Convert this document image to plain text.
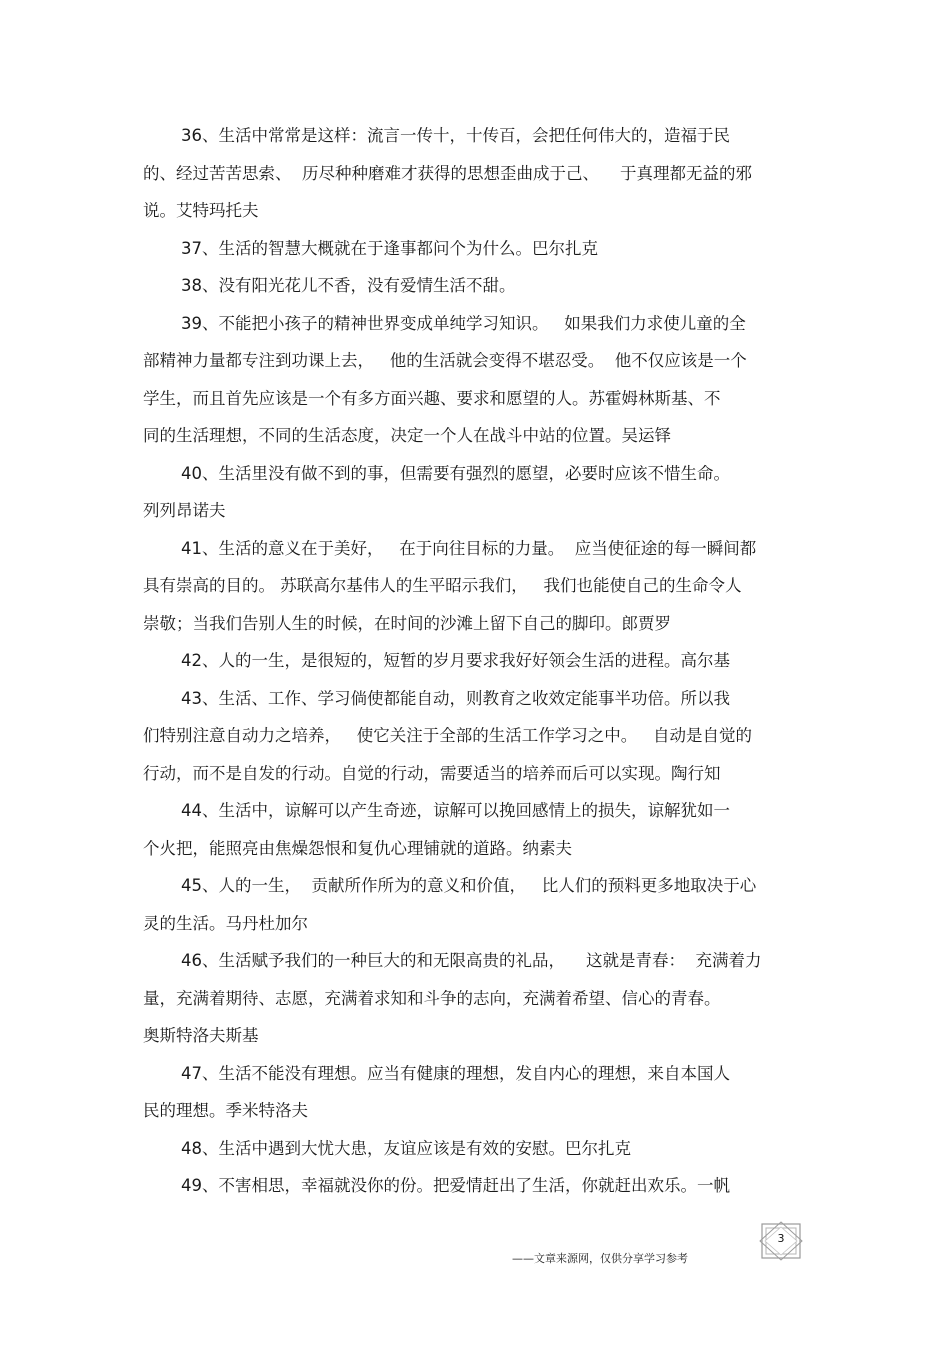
36、生活中常常是这样：流言一传十，十传百，会把任何伟大的，造福于民
的、经过苦苦思索、  历尽种种磨难才获得的思想歪曲成于己、    于真理都无益的邪
说。艾特玛托夫

37、生活的智慧大概就在于逢事都问个为什么。巴尔扎克

38、没有阳光花儿不香，没有爱情生活不甜。

39、不能把小孩子的精神世界变成单纯学习知识。   如果我们力求使儿童的全
部精神力量都专注到功课上去，   他的生活就会变得不堪忍受。  他不仅应该是一个
学生，而且首先应该是一个有多方面兴趣、要求和愿望的人。苏霍姆林斯基、不
同的生活理想，不同的生活态度，决定一个人在战斗中站的位置。吴运铎

40、生活里没有做不到的事，但需要有强烈的愿望，必要时应该不惜生命。
列列昂诺夫

41、生活的意义在于美好，   在于向往目标的力量。  应当使征途的每一瞬间都
具有崇高的目的。 苏联高尔基伟人的生平昭示我们，   我们也能使自己的生命令人
崇敬；当我们告别人生的时候，在时间的沙滩上留下自己的脚印。郎贾罗

42、人的一生，是很短的，短暂的岁月要求我好好领会生活的进程。高尔基

43、生活、工作、学习倘使都能自动，则教育之收效定能事半功倍。所以我
们特别注意自动力之培养，   使它关注于全部的生活工作学习之中。   自动是自觉的
行动，而不是自发的行动。自觉的行动，需要适当的培养而后可以实现。陶行知

44、生活中，谅解可以产生奇迹，谅解可以挽回感情上的损失，谅解犹如一
个火把，能照亮由焦燥怨恨和复仇心理铺就的道路。纳素夫

45、人的一生，  贡献所作所为的意义和价值，   比人们的预料更多地取决于心
灵的生活。马丹杜加尔

46、生活赋予我们的一种巨大的和无限高贵的礼品，    这就是青春：  充满着力
量，充满着期待、志愿，充满着求知和斗争的志向，充满着希望、信心的青春。
奥斯特洛夫斯基

47、生活不能没有理想。应当有健康的理想，发自内心的理想，来自本国人
民的理想。季米特洛夫

48、生活中遇到大忧大患，友谊应该是有效的安慰。巴尔扎克

49、不害相思，幸福就没你的份。把爱情赶出了生活，你就赶出欢乐。一帆

——文章来源网，仅供分享学习参考
3
